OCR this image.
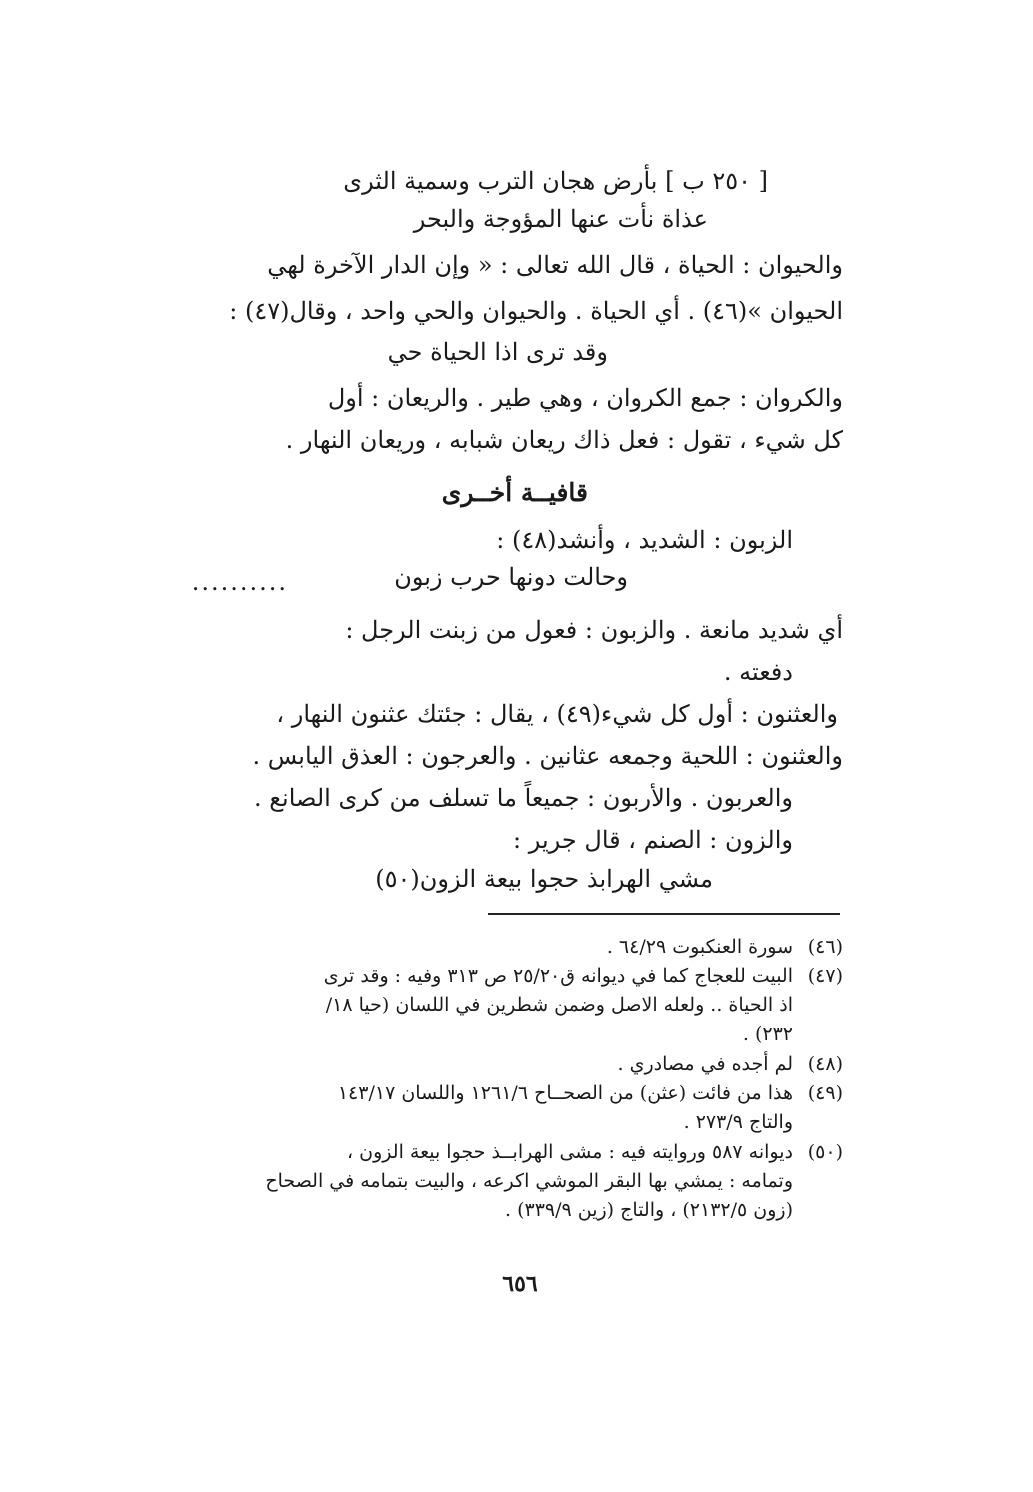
[ ٢٥٠ ب ] بأرض هجان الترب وسمية الثرى
عذاة نأت عنها المؤوجة والبحر
والحيوان : الحياة ، قال الله تعالى : « وإن الدار الآخرة لهي
الحيوان »(٤٦) . أي الحياة . والحيوان والحي واحد ، وقال(٤٧) :
وقد ترى اذا الحياة حي
والكروان : جمع الكروان ، وهي طير . والريعان : أول
كل شيء ، تقول : فعل ذاك ريعان شبابه ، وريعان النهار .
قافيــة أخــرى
الزبون : الشديد ، وأنشد(٤٨) :
وحالت دونها حرب زبون
..........
أي شديد مانعة . والزبون : فعول من زبنت الرجل :
دفعته .
والعثنون : أول كل شيء(٤٩) ، يقال : جئتك عثنون النهار ،
والعثنون : اللحية وجمعه عثانين . والعرجون : العذق اليابس .
والعربون . والأربون : جميعاً ما تسلف من كرى الصانع .
والزون : الصنم ، قال جرير :
مشي الهرابذ حجوا بيعة الزون(٥٠)
(٤٦)
سورة العنكبوت ٦٤/٢٩ .
(٤٧)
البيت للعجاج كما في ديوانه ق٢٥/٢٠ ص ٣١٣ وفيه : وقد ترى
اذ الحياة .. ولعله الاصل وضمن شطرين في اللسان (حيا ١٨/
٢٣٢) .
(٤٨)
لم أجده في مصادري .
(٤٩)
هذا من فائت (عثن) من الصحــاح ١٢٦١/٦ واللسان ١٤٣/١٧
والتاج ٢٧٣/٩ .
(٥٠)
ديوانه ٥٨٧ وروايته فيه : مشى الهرابــذ حجوا بيعة الزون ،
وتمامه : يمشي بها البقر الموشي اكرعه ، والبيت بتمامه في الصحاح
(زون ٢١٣٢/٥) ، والتاج (زين ٣٣٩/٩) .
٦٥٦
